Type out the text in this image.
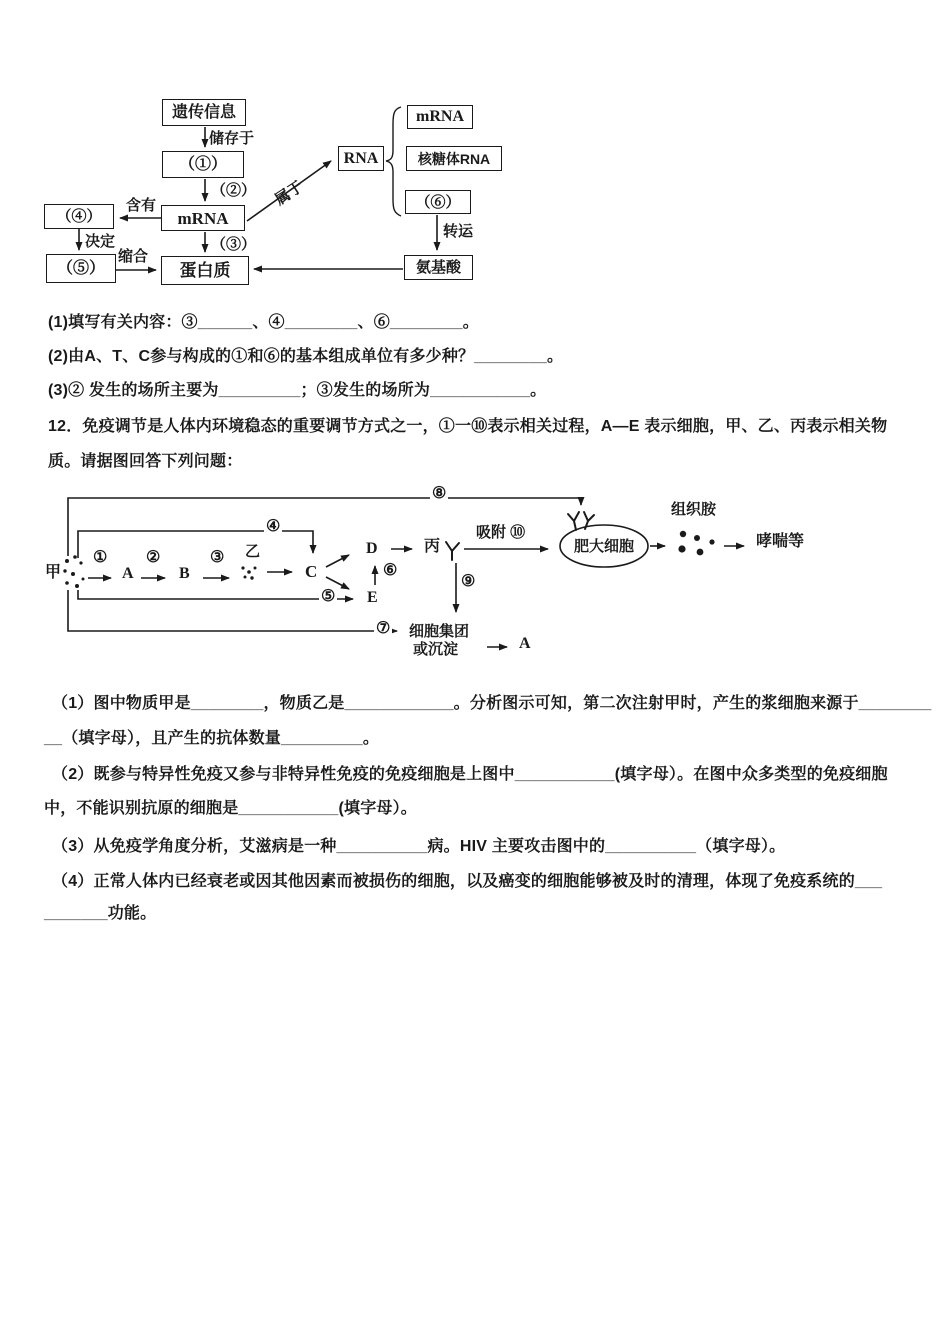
遗传信息
（①）
mRNA
（④）
（⑤）	蛋白质
RNA
mRNA
核糖体RNA
（⑥）
氨基酸
储存于
（②）
（③）
含有
决定
缩合
属于
转运
(1)填写有关内容：③______、④________、⑥________。
(2)由A、T、C参与构成的①和⑥的基本组成单位有多少种？________。
(3)② 发生的场所主要为_________；③发生的场所为___________。
12．免疫调节是人体内环境稳态的重要调节方式之一，①一⑩表示相关过程，A—E 表示细胞，甲、乙、丙表示相关物
质。请据图回答下列问题：
甲
①
A
②
B
③ 乙
C
D
E
⑥
丙
吸附 ⑩
④
⑤
⑦
⑧
⑨
肥大细胞
组织胺
哮喘等
细胞集团
或沉淀	A
（1）图中物质甲是________，物质乙是____________。分析图示可知，第二次注射甲时，产生的浆细胞来源于________
__（填字母），且产生的抗体数量_________。
（2）既参与特异性免疫又参与非特异性免疫的免疫细胞是上图中___________(填字母）。在图中众多类型的免疫细胞
中，不能识别抗原的细胞是___________(填字母）。
（3）从免疫学角度分析，艾滋病是一种__________病。HIV 主要攻击图中的__________（填字母）。
（4）正常人体内已经衰老或因其他因素而被损伤的细胞，以及癌变的细胞能够被及时的清理，体现了免疫系统的___
_______功能。
